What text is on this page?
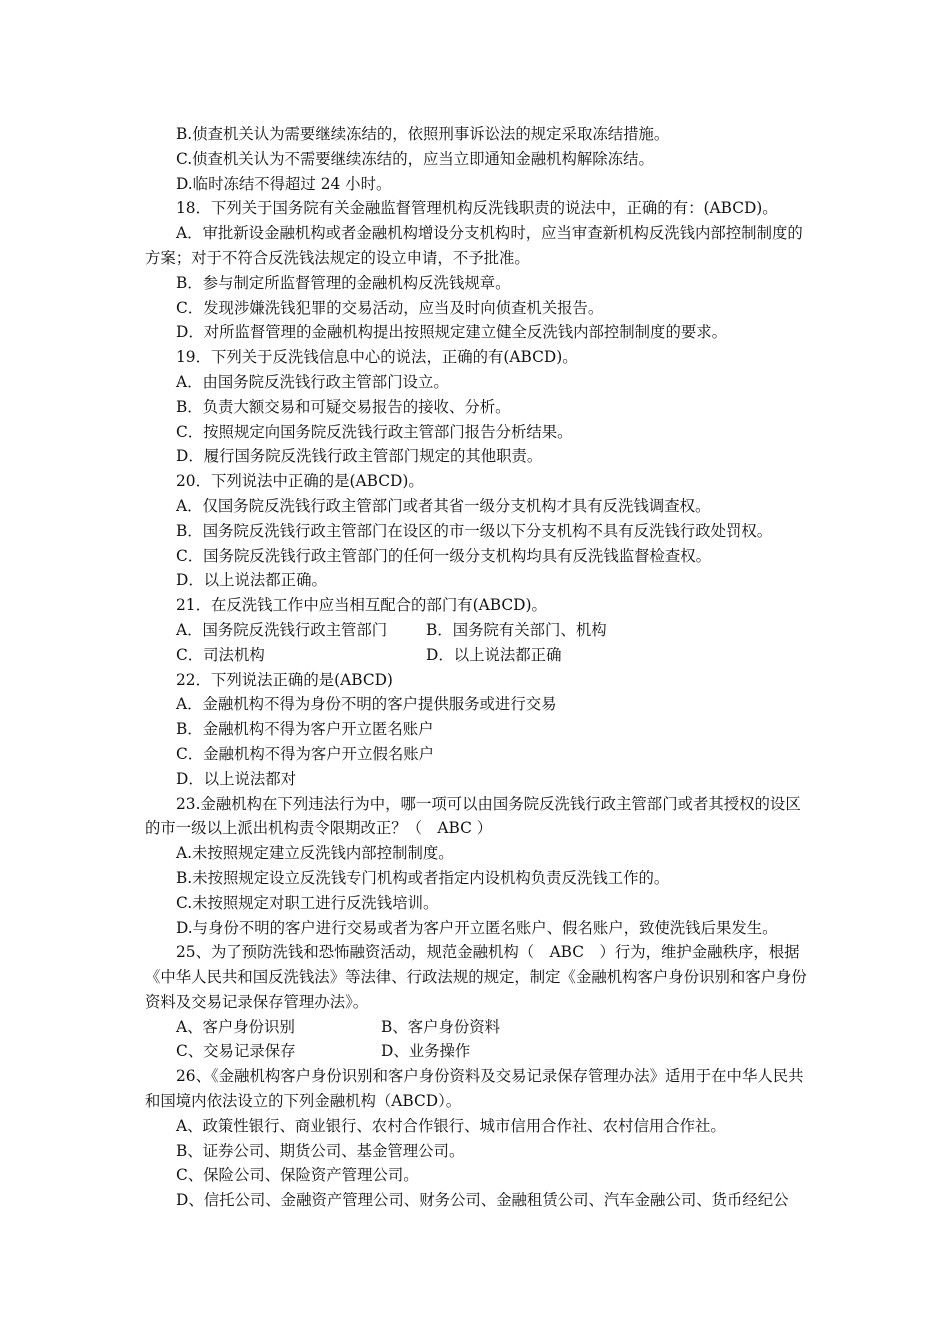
B.侦查机关认为需要继续冻结的，依照刑事诉讼法的规定采取冻结措施。
C.侦查机关认为不需要继续冻结的，应当立即通知金融机构解除冻结。
D.临时冻结不得超过 24 小时。
18．下列关于国务院有关金融监督管理机构反洗钱职责的说法中，正确的有：(ABCD)。
A．审批新设金融机构或者金融机构增设分支机构时，应当审查新机构反洗钱内部控制制度的方案；对于不符合反洗钱法规定的设立申请，不予批准。
B．参与制定所监督管理的金融机构反洗钱规章。
C．发现涉嫌洗钱犯罪的交易活动，应当及时向侦查机关报告。
D．对所监督管理的金融机构提出按照规定建立健全反洗钱内部控制制度的要求。
19．下列关于反洗钱信息中心的说法，正确的有(ABCD)。
A．由国务院反洗钱行政主管部门设立。
B．负责大额交易和可疑交易报告的接收、分析。
C．按照规定向国务院反洗钱行政主管部门报告分析结果。
D．履行国务院反洗钱行政主管部门规定的其他职责。
20．下列说法中正确的是(ABCD)。
A．仅国务院反洗钱行政主管部门或者其省一级分支机构才具有反洗钱调查权。
B．国务院反洗钱行政主管部门在设区的市一级以下分支机构不具有反洗钱行政处罚权。
C．国务院反洗钱行政主管部门的任何一级分支机构均具有反洗钱监督检查权。
D．以上说法都正确。
21．在反洗钱工作中应当相互配合的部门有(ABCD)。
A．国务院反洗钱行政主管部门	B．国务院有关部门、机构
C．司法机构	D．以上说法都正确
22．下列说法正确的是(ABCD)
A．金融机构不得为身份不明的客户提供服务或进行交易
B．金融机构不得为客户开立匿名账户
C．金融机构不得为客户开立假名账户
D．以上说法都对
23.金融机构在下列违法行为中，哪一项可以由国务院反洗钱行政主管部门或者其授权的设区的市一级以上派出机构责令限期改正？（　ABC ）
A.未按照规定建立反洗钱内部控制制度。
B.未按照规定设立反洗钱专门机构或者指定内设机构负责反洗钱工作的。
C.未按照规定对职工进行反洗钱培训。
D.与身份不明的客户进行交易或者为客户开立匿名账户、假名账户，致使洗钱后果发生。
25、为了预防洗钱和恐怖融资活动，规范金融机构（　ABC　）行为，维护金融秩序，根据《中华人民共和国反洗钱法》等法律、行政法规的规定，制定《金融机构客户身份识别和客户身份资料及交易记录保存管理办法》。
A、客户身份识别	B、客户身份资料
C、交易记录保存	D、业务操作
26、《金融机构客户身份识别和客户身份资料及交易记录保存管理办法》适用于在中华人民共和国境内依法设立的下列金融机构（ABCD）。
A、政策性银行、商业银行、农村合作银行、城市信用合作社、农村信用合作社。
B、证券公司、期货公司、基金管理公司。
C、保险公司、保险资产管理公司。
D、信托公司、金融资产管理公司、财务公司、金融租赁公司、汽车金融公司、货币经纪公
